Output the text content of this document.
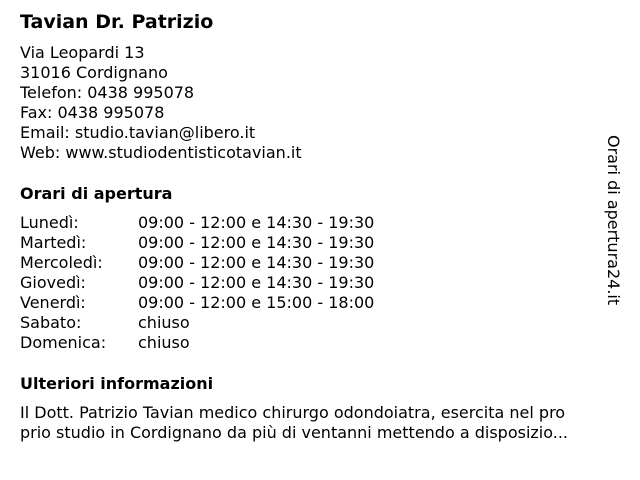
Tavian Dr. Patrizio
Via Leopardi 13
31016 Cordignano
Telefon: 0438 995078
Fax: 0438 995078
Email: studio.tavian@libero.it
Web: www.studiodentisticotavian.it
Orari di apertura
Lunedì:	09:00 - 12:00 e 14:30 - 19:30
Martedì:	09:00 - 12:00 e 14:30 - 19:30
Mercoledì: 09:00 - 12:00 e 14:30 - 19:30
Giovedì:	09:00 - 12:00 e 14:30 - 19:30
Venerdì:	09:00 - 12:00 e 15:00 - 18:00
Sabato:	chiuso
Domenica: chiuso
Ulteriori informazioni
Il Dott. Patrizio Tavian medico chirurgo odondoiatra, esercita nel pro
prio studio in Cordignano da più di ventanni mettendo a disposizio...
Orari di apertura24.it
